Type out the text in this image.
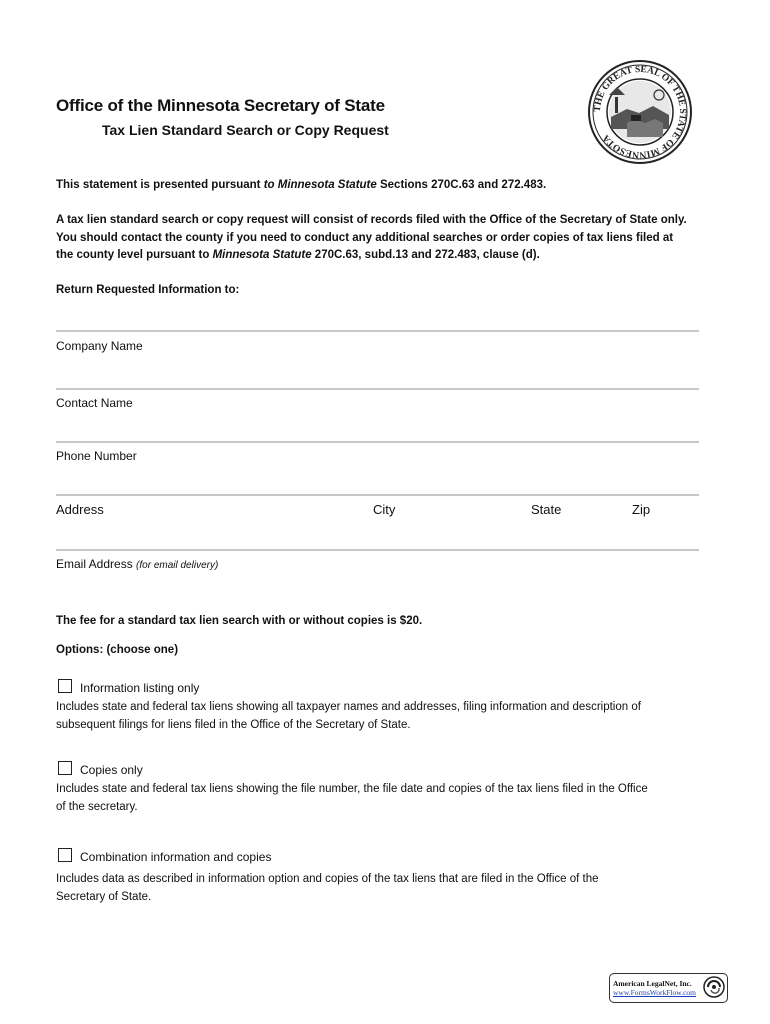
Office of the Minnesota Secretary of State
Tax Lien Standard Search or Copy Request
THE GREAT SEAL OF THE STATE OF MINNESOTA
This statement is presented pursuant to Minnesota Statute Sections 270C.63 and 272.483.
A tax lien standard search or copy request will consist of records filed with the Office of the Secretary of State only.
You should contact the county if you need to conduct any additional searches or order copies of tax liens filed at
the county level pursuant to Minnesota Statute 270C.63, subd.13 and 272.483, clause (d).
Return Requested Information to:
Company Name
Contact Name
Phone Number
Address	City	State	Zip
Email Address (for email delivery)
The fee for a standard tax lien search with or without copies is $20.
Options: (choose one)
Information listing only
Includes state and federal tax liens showing all taxpayer names and addresses, filing information and description of
subsequent filings for liens filed in the Office of the Secretary of State.
Copies only
Includes state and federal tax liens showing the file number, the file date and copies of the tax liens filed in the Office
of the secretary.
Combination information and copies
Includes data as described in information option and copies of the tax liens that are filed in the Office of the
Secretary of State.
American LegalNet, Inc.
www.FormsWorkFlow.com
